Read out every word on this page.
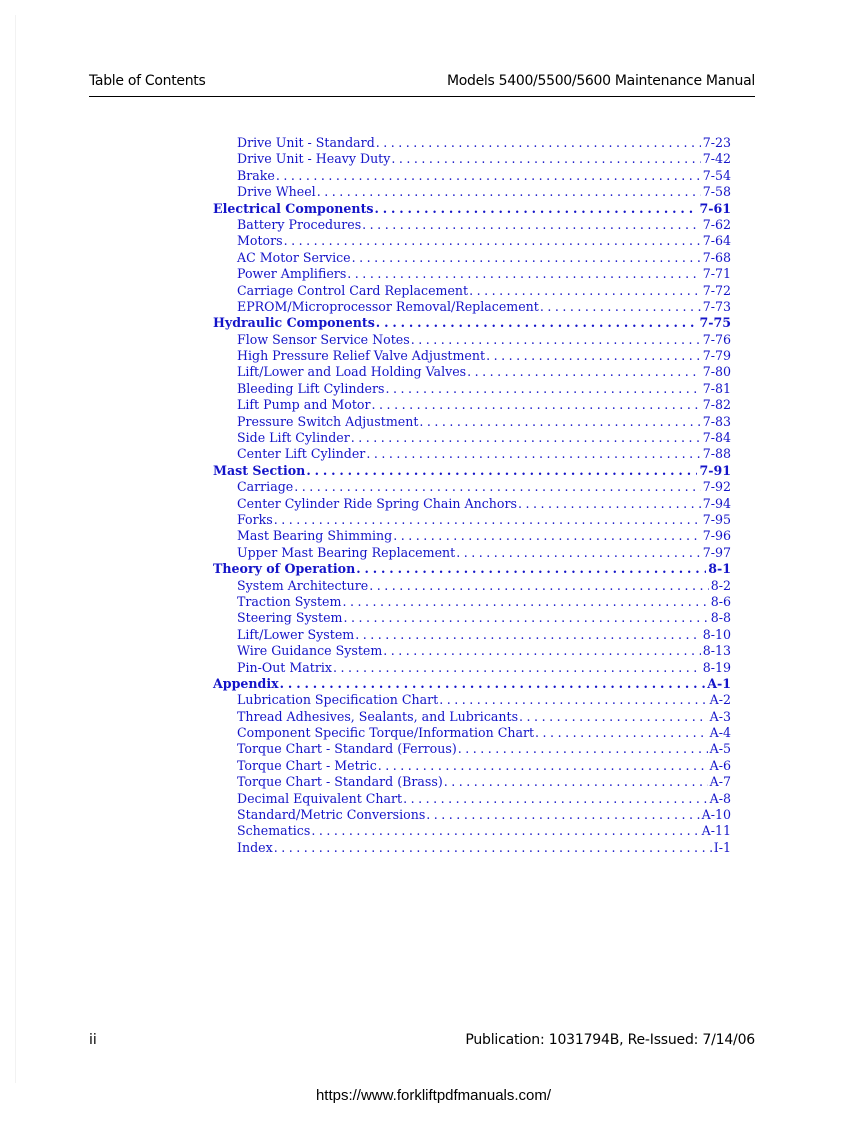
Table of Contents	Models 5400/5500/5600 Maintenance Manual
Drive Unit - Standard . . .	7-23
Drive Unit - Heavy Duty . . .	7-42
Brake . . .	7-54
Drive Wheel . . .	7-58
Electrical Components . . .	7-61
Battery Procedures . . .	7-62
Motors . . .	7-64
AC Motor Service . . .	7-68
Power Amplifiers . . .	7-71
Carriage Control Card Replacement . . .	7-72
EPROM/Microprocessor Removal/Replacement . . .	7-73
Hydraulic Components . . .	7-75
Flow Sensor Service Notes . . .	7-76
High Pressure Relief Valve Adjustment . . .	7-79
Lift/Lower and Load Holding Valves . . .	7-80
Bleeding Lift Cylinders . . .	7-81
Lift Pump and Motor . . .	7-82
Pressure Switch Adjustment . . .	7-83
Side Lift Cylinder . . .	7-84
Center Lift Cylinder . . .	7-88
Mast Section . . .	7-91
Carriage . . .	7-92
Center Cylinder Ride Spring Chain Anchors . . .	7-94
Forks . . .	7-95
Mast Bearing Shimming . . .	7-96
Upper Mast Bearing Replacement . . .	7-97
Theory of Operation . . .	8-1
System Architecture . . .	8-2
Traction System . . .	8-6
Steering System . . .	8-8
Lift/Lower System . . .	8-10
Wire Guidance System . . .	8-13
Pin-Out Matrix . . .	8-19
Appendix . . .	A-1
Lubrication Specification Chart . . .	A-2
Thread Adhesives, Sealants, and Lubricants . . .	A-3
Component Specific Torque/Information Chart . . .	A-4
Torque Chart - Standard (Ferrous) . . .	A-5
Torque Chart - Metric . . .	A-6
Torque Chart - Standard (Brass) . . .	A-7
Decimal Equivalent Chart . . .	A-8
Standard/Metric Conversions . . .	A-10
Schematics . . .	A-11
Index . . .	I-1
ii	Publication: 1031794B, Re-Issued: 7/14/06
https://www.forkliftpdfmanuals.com/
